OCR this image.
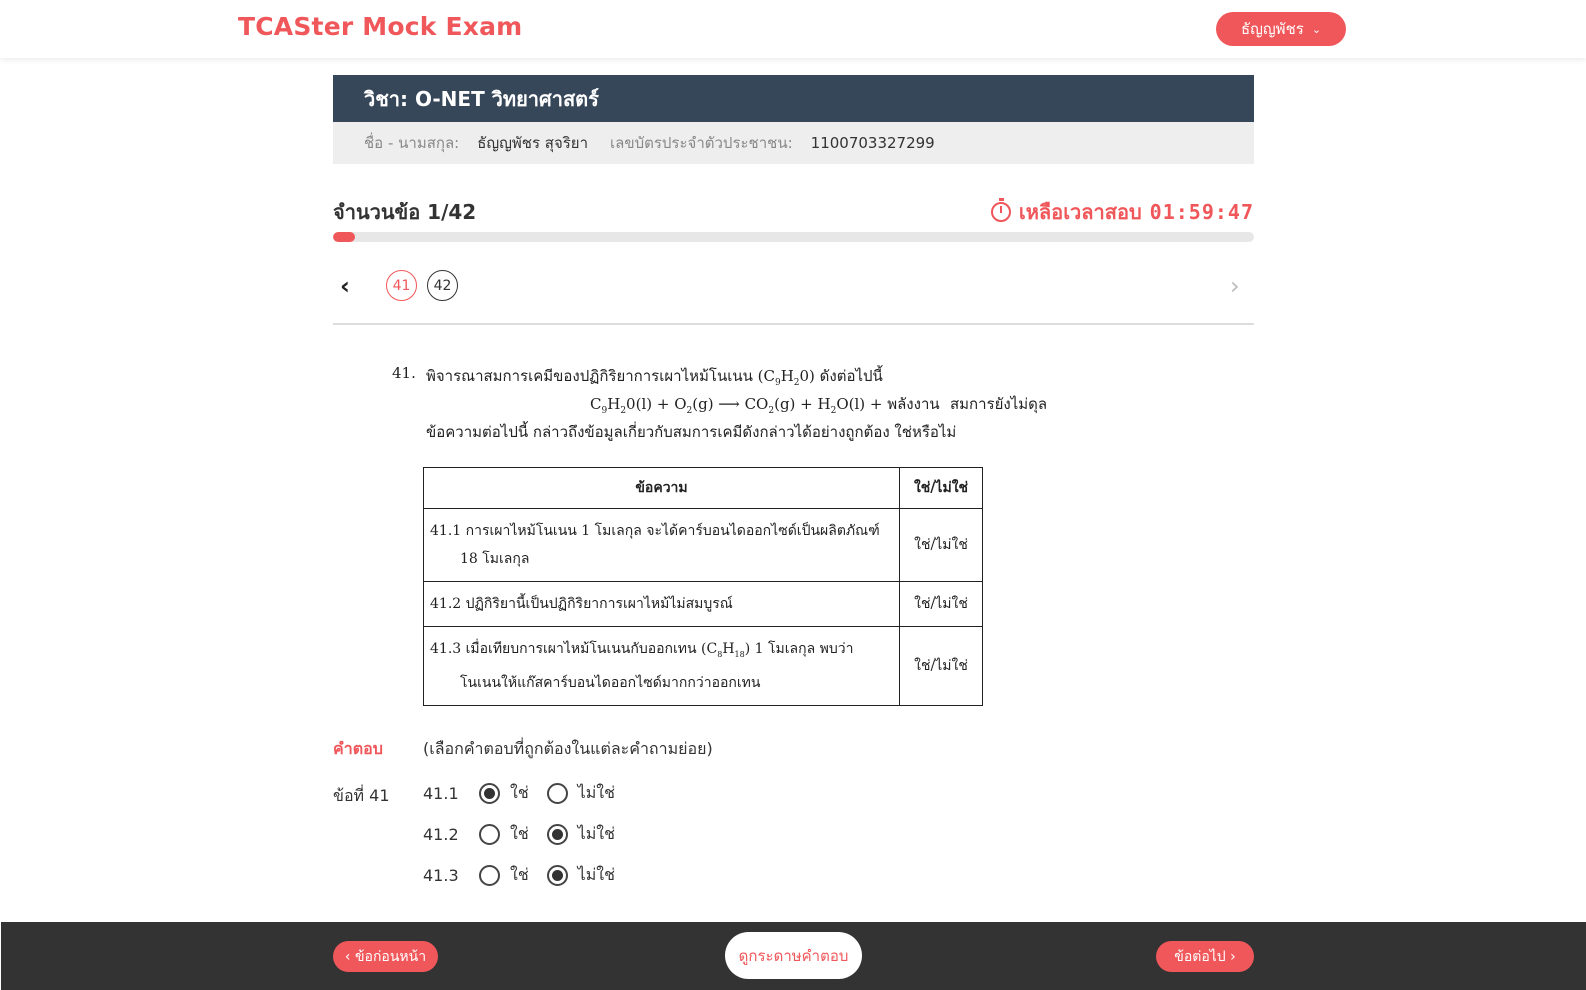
TCASter Mock Exam	ธัญญพัชร ⌄
วิชา: O-NET วิทยาศาสตร์
ชื่อ - นามสกุล: ธัญญพัชร สุจริยา เลขบัตรประจำตัวประชาชน: 1100703327299
จำนวนข้อ 1/42	เหลือเวลาสอบ 01:59:47
‹	41	42	›
41. พิจารณาสมการเคมีของปฏิกิริยาการเผาไหม้โนเนน $(C_9H_20)$ ดังต่อไปนี้
$C_9H_20(l) + O_2(g)$ ⟶ $CO_2(g) + H_2O(l)$ + พลังงาน สมการยังไม่ดุล
ข้อความต่อไปนี้ กล่าวถึงข้อมูลเกี่ยวกับสมการเคมีดังกล่าวได้อย่างถูกต้อง ใช่หรือไม่
ข้อความ	ใช่/ไม่ใช่
41.1 การเผาไหม้โนเนน 1 โมเลกุล จะได้คาร์บอนไดออกไซด์เป็นผลิตภัณฑ์
18 โมเลกุล	ใช่/ไม่ใช่
41.2 ปฏิกิริยานี้เป็นปฏิกิริยาการเผาไหม้ไม่สมบูรณ์	ใช่/ไม่ใช่
41.3 เมื่อเทียบการเผาไหม้โนเนนกับออกเทน $(C_8H_{18})$ 1 โมเลกุล พบว่า
โนเนนให้แก๊สคาร์บอนไดออกไซด์มากกว่าออกเทน	ใช่/ไม่ใช่
คำตอบ	(เลือกคำตอบที่ถูกต้องในแต่ละคำถามย่อย)
ข้อที่ 41 41.1	ใช่	ไม่ใช่
41.2	ใช่	ไม่ใช่
41.3	ใช่	ไม่ใช่
‹ ข้อก่อนหน้า	ดูกระดาษคำตอบ	ข้อต่อไป ›
